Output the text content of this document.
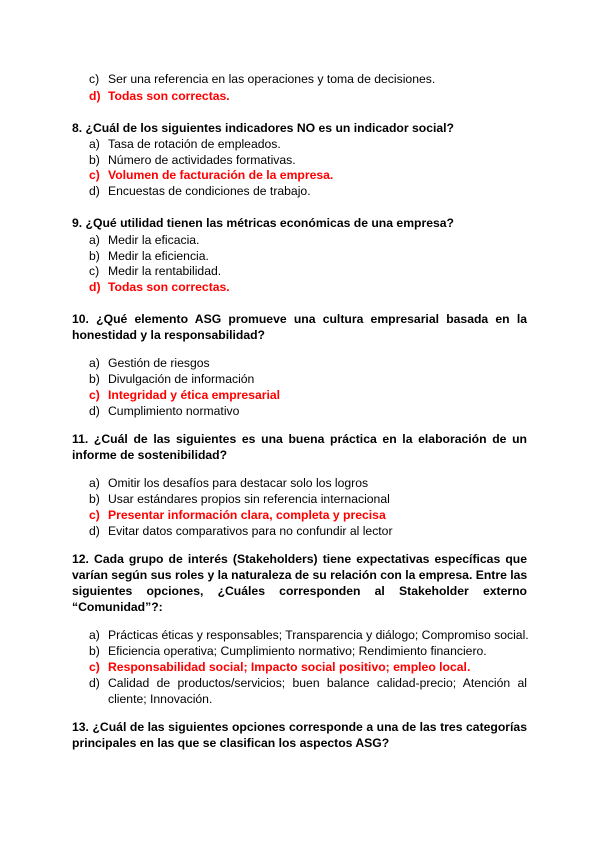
c) Ser una referencia en las operaciones y toma de decisiones.
d) Todas son correctas.
8. ¿Cuál de los siguientes indicadores NO es un indicador social?
a) Tasa de rotación de empleados.
b) Número de actividades formativas.
c) Volumen de facturación de la empresa.
d) Encuestas de condiciones de trabajo.
9. ¿Qué utilidad tienen las métricas económicas de una empresa?
a) Medir la eficacia.
b) Medir la eficiencia.
c) Medir la rentabilidad.
d) Todas son correctas.
10. ¿Qué elemento ASG promueve una cultura empresarial basada en la
honestidad y la responsabilidad?
a) Gestión de riesgos
b) Divulgación de información
c) Integridad y ética empresarial
d) Cumplimiento normativo
11. ¿Cuál de las siguientes es una buena práctica en la elaboración de un
informe de sostenibilidad?
a) Omitir los desafíos para destacar solo los logros
b) Usar estándares propios sin referencia internacional
c) Presentar información clara, completa y precisa
d) Evitar datos comparativos para no confundir al lector
12. Cada grupo de interés (Stakeholders) tiene expectativas específicas que
varían según sus roles y la naturaleza de su relación con la empresa. Entre las
siguientes opciones, ¿Cuáles corresponden al Stakeholder externo
“Comunidad”?:
a) Prácticas éticas y responsables; Transparencia y diálogo; Compromiso social.
b) Eficiencia operativa; Cumplimiento normativo; Rendimiento financiero.
c) Responsabilidad social; Impacto social positivo; empleo local.
d) Calidad de productos/servicios; buen balance calidad-precio; Atención al
cliente; Innovación.
13. ¿Cuál de las siguientes opciones corresponde a una de las tres categorías
principales en las que se clasifican los aspectos ASG?
